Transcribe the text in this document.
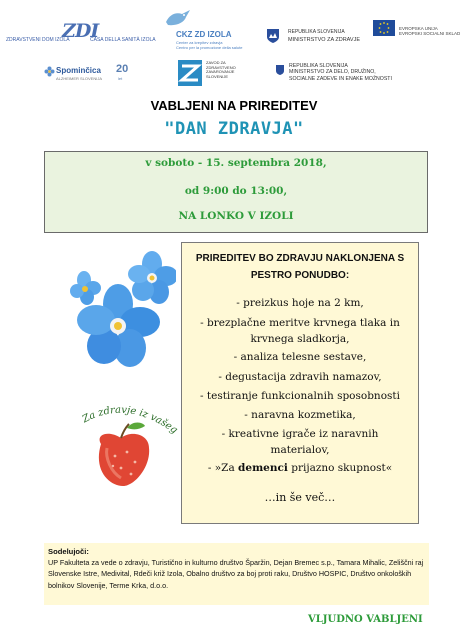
ZDI
ZDRAVSTVENI DOM IZOLA	CASA DELLA SANITÀ IZOLA
CKZ ZD IZOLA
Center za krepitev zdravja
Centro per la promozione della salute
REPUBLIKA SLOVENIJA
MINISTRSTVO ZA ZDRAVJE
EVROPSKA UNIJA
EVROPSKI SOCIALNI SKLAD
Spominčica
ALZHEIMER SLOVENIJA
20
let
ZAVOD ZA ZDRAVSTVENO ZAVAROVANJE SLOVENIJE
REPUBLIKA SLOVENIJA
MINISTRSTVO ZA DELO, DRUŽINO,
SOCIALNE ZADEVE IN ENAKE MOŽNOSTI
VABLJENI NA PRIREDITEV
"DAN ZDRAVJA"
v soboto - 15. septembra 2018,
od 9:00 do 13:00,
NA LONKO V IZOLI
Za zdravje iz vašeg
PRIREDITEV BO ZDRAVJU NAKLONJENA S
PESTRO PONUDBO:
- preizkus hoje na 2 km,
- brezplačne meritve krvnega tlaka in
krvnega sladkorja,
- analiza telesne sestave,
- degustacija zdravih namazov,
- testiranje funkcionalnih sposobnosti
- naravna kozmetika,
- kreativne igrače iz naravnih
materialov,
- »Za demenci prijazno skupnost«
…in še več…
Sodelujoči:
UP Fakulteta za vede o zdravju, Turistično in kulturno društvo Šparžin, Dejan Bremec s.p., Tamara Mihalic, Zeliščni raj Slovenske Istre, Medivital, Rdeči križ Izola, Obalno društvo za boj proti raku, Društvo HOSPIC, Društvo onkoloških bolnikov Slovenije, Terme Krka, d.o.o.
VLJUDNO VABLJENI
